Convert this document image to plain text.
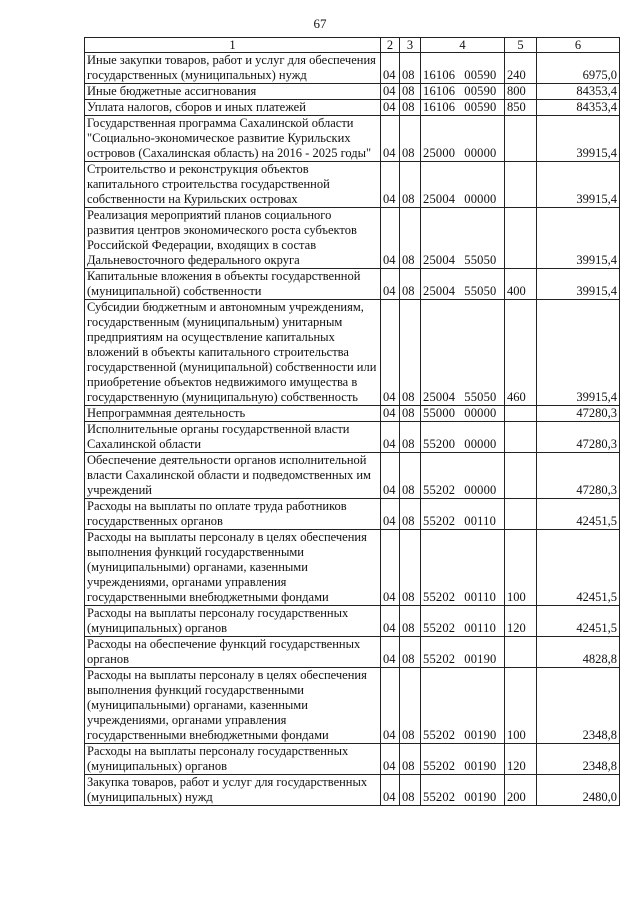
67
1	2	3	4	5	6
Иные закупки товаров, работ и услуг для обеспечения государственных (муниципальных) нужд	04	08	16106 00590	240	6975,0
Иные бюджетные ассигнования	04	08	16106 00590	800	84353,4
Уплата налогов, сборов и иных платежей	04	08	16106 00590	850	84353,4
Государственная программа Сахалинской области "Социально-экономическое развитие Курильских островов (Сахалинская область) на 2016 - 2025 годы"	04	08	25000 00000		39915,4
Строительство и реконструкция объектов капитального строительства государственной собственности на Курильских островах	04	08	25004 00000		39915,4
Реализация мероприятий планов социального развития центров экономического роста субъектов Российской Федерации, входящих в состав Дальневосточного федерального округа	04	08	25004 55050		39915,4
Капитальные вложения в объекты государственной (муниципальной) собственности	04	08	25004 55050	400	39915,4
Субсидии бюджетным и автономным учреждениям, государственным (муниципальным) унитарным предприятиям на осуществление капитальных вложений в объекты капитального строительства государственной (муниципальной) собственности или приобретение объектов недвижимого имущества в государственную (муниципальную) собственность	04	08	25004 55050	460	39915,4
Непрограммная деятельность	04	08	55000 00000		47280,3
Исполнительные органы государственной власти Сахалинской области	04	08	55200 00000		47280,3
Обеспечение деятельности органов исполнительной власти Сахалинской области и подведомственных им учреждений	04	08	55202 00000		47280,3
Расходы на выплаты по оплате труда работников государственных органов	04	08	55202 00110		42451,5
Расходы на выплаты персоналу в целях обеспечения выполнения функций государственными (муниципальными) органами, казенными учреждениями, органами управления государственными внебюджетными фондами	04	08	55202 00110	100	42451,5
Расходы на выплаты персоналу государственных (муниципальных) органов	04	08	55202 00110	120	42451,5
Расходы на обеспечение функций государственных органов	04	08	55202 00190		4828,8
Расходы на выплаты персоналу в целях обеспечения выполнения функций государственными (муниципальными) органами, казенными учреждениями, органами управления государственными внебюджетными фондами	04	08	55202 00190	100	2348,8
Расходы на выплаты персоналу государственных (муниципальных) органов	04	08	55202 00190	120	2348,8
Закупка товаров, работ и услуг для государственных (муниципальных) нужд	04	08	55202 00190	200	2480,0
